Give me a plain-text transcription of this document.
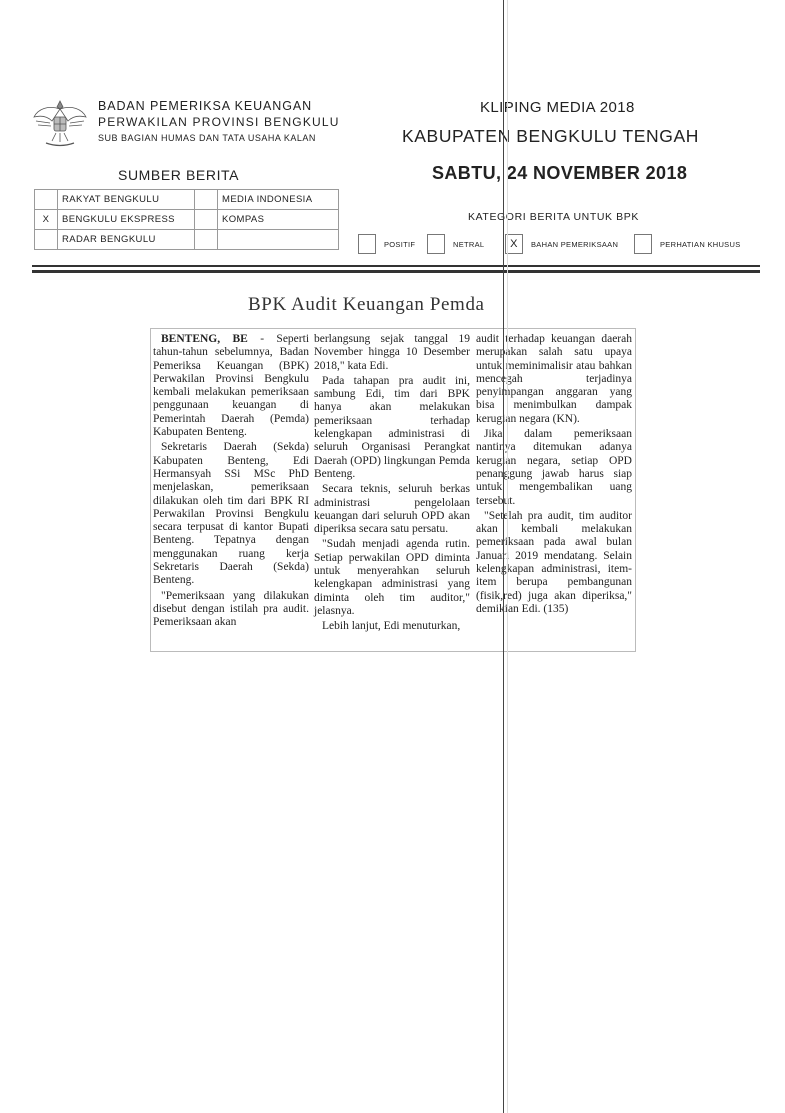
BADAN PEMERIKSA KEUANGAN
PERWAKILAN PROVINSI BENGKULU
SUB BAGIAN HUMAS DAN TATA USAHA KALAN
KLIPING MEDIA 2018
KABUPATEN BENGKULU TENGAH
SABTU, 24 NOVEMBER 2018
SUMBER BERITA
	RAKYAT BENGKULU		MEDIA INDONESIA
X	BENGKULU EKSPRESS		KOMPAS
	RADAR BENGKULU		
KATEGORI BERITA UNTUK BPK
POSITIF	NETRAL	X	BAHAN PEMERIKSAAN	PERHATIAN KHUSUS
BPK Audit Keuangan Pemda

BENTENG, BE - Seperti tahun-tahun sebelumnya, Badan Pemeriksa Keuangan (BPK) Perwakilan Provinsi Bengkulu kembali melakukan pemeriksaan penggunaan keuangan di Pemerintah Daerah (Pemda) Kabupaten Benteng.

Sekretaris Daerah (Sekda) Kabupaten Benteng, Edi Hermansyah SSi MSc PhD menjelaskan, pemeriksaan dilakukan oleh tim dari BPK RI Perwakilan Provinsi Bengkulu secara terpusat di kantor Bupati Benteng. Tepatnya dengan menggunakan ruang kerja Sekretaris Daerah (Sekda) Benteng.

"Pemeriksaan yang dilakukan disebut dengan istilah pra audit. Pemeriksaan akan

berlangsung sejak tanggal 19 November hingga 10 Desember 2018," kata Edi.

Pada tahapan pra audit ini, sambung Edi, tim dari BPK hanya akan melakukan pemeriksaan terhadap kelengkapan administrasi di seluruh Organisasi Perangkat Daerah (OPD) lingkungan Pemda Benteng.

Secara teknis, seluruh berkas administrasi pengelolaan keuangan dari seluruh OPD akan diperiksa secara satu persatu.

"Sudah menjadi agenda rutin. Setiap perwakilan OPD diminta untuk menyerahkan seluruh kelengkapan administrasi yang diminta oleh tim auditor," jelasnya.

Lebih lanjut, Edi menuturkan,

audit terhadap keuangan daerah merupakan salah satu upaya untuk meminimalisir atau bahkan mencegah terjadinya penyimpangan anggaran yang bisa menimbulkan dampak kerugian negara (KN).

Jika dalam pemeriksaan nantinya ditemukan adanya kerugian negara, setiap OPD penanggung jawab harus siap untuk mengembalikan uang tersebut.

"Setelah pra audit, tim auditor akan kembali melakukan pemeriksaan pada awal bulan Januari 2019 mendatang. Selain kelengkapan administrasi, item-item berupa pembangunan (fisik,red) juga akan diperiksa," demikian Edi. (135)
